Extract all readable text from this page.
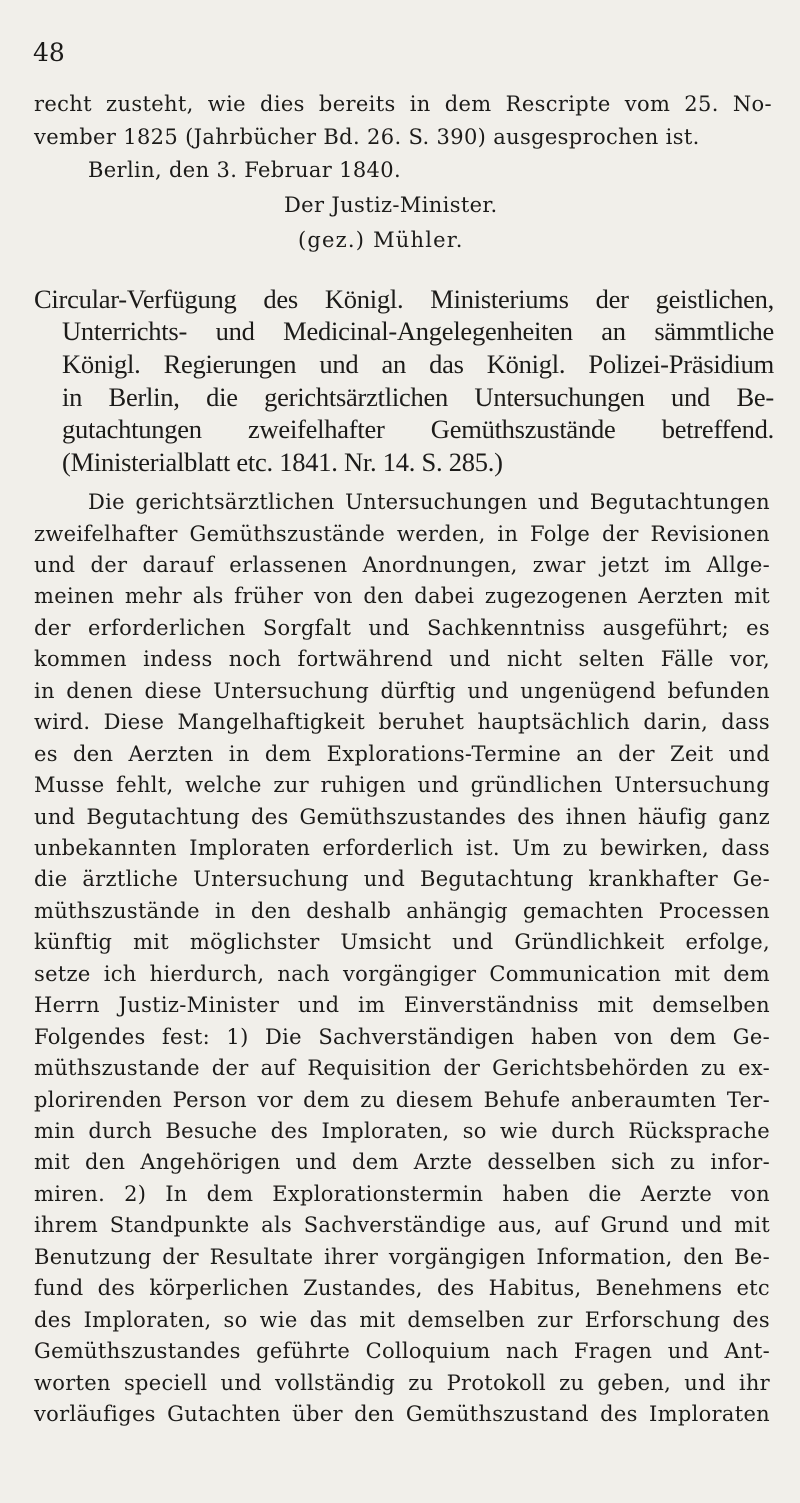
48
recht zusteht, wie dies bereits in dem Rescripte vom 25. No-
vember 1825 (Jahrbücher Bd. 26. S. 390) ausgesprochen ist.
Berlin, den 3. Februar 1840.
Der Justiz-Minister.
(gez.) Mühler.
Circular-Verfügung des Königl. Ministeriums der geistlichen,
Unterrichts- und Medicinal-Angelegenheiten an sämmtliche
Königl. Regierungen und an das Königl. Polizei-Präsidium
in Berlin, die gerichtsärztlichen Untersuchungen und Be-
gutachtungen zweifelhafter Gemüthszustände betreffend.
(Ministerialblatt etc. 1841. Nr. 14. S. 285.)
Die gerichtsärztlichen Untersuchungen und Begutachtungen
zweifelhafter Gemüthszustände werden, in Folge der Revisionen
und der darauf erlassenen Anordnungen, zwar jetzt im Allge-
meinen mehr als früher von den dabei zugezogenen Aerzten mit
der erforderlichen Sorgfalt und Sachkenntniss ausgeführt; es
kommen indess noch fortwährend und nicht selten Fälle vor,
in denen diese Untersuchung dürftig und ungenügend befunden
wird. Diese Mangelhaftigkeit beruhet hauptsächlich darin, dass
es den Aerzten in dem Explorations-Termine an der Zeit und
Musse fehlt, welche zur ruhigen und gründlichen Untersuchung
und Begutachtung des Gemüthszustandes des ihnen häufig ganz
unbekannten Imploraten erforderlich ist. Um zu bewirken, dass
die ärztliche Untersuchung und Begutachtung krankhafter Ge-
müthszustände in den deshalb anhängig gemachten Processen
künftig mit möglichster Umsicht und Gründlichkeit erfolge,
setze ich hierdurch, nach vorgängiger Communication mit dem
Herrn Justiz-Minister und im Einverständniss mit demselben
Folgendes fest: 1) Die Sachverständigen haben von dem Ge-
müthszustande der auf Requisition der Gerichtsbehörden zu ex-
plorirenden Person vor dem zu diesem Behufe anberaumten Ter-
min durch Besuche des Imploraten, so wie durch Rücksprache
mit den Angehörigen und dem Arzte desselben sich zu infor-
miren. 2) In dem Explorationstermin haben die Aerzte von
ihrem Standpunkte als Sachverständige aus, auf Grund und mit
Benutzung der Resultate ihrer vorgängigen Information, den Be-
fund des körperlichen Zustandes, des Habitus, Benehmens etc
des Imploraten, so wie das mit demselben zur Erforschung des
Gemüthszustandes geführte Colloquium nach Fragen und Ant-
worten speciell und vollständig zu Protokoll zu geben, und ihr
vorläufiges Gutachten über den Gemüthszustand des Imploraten
